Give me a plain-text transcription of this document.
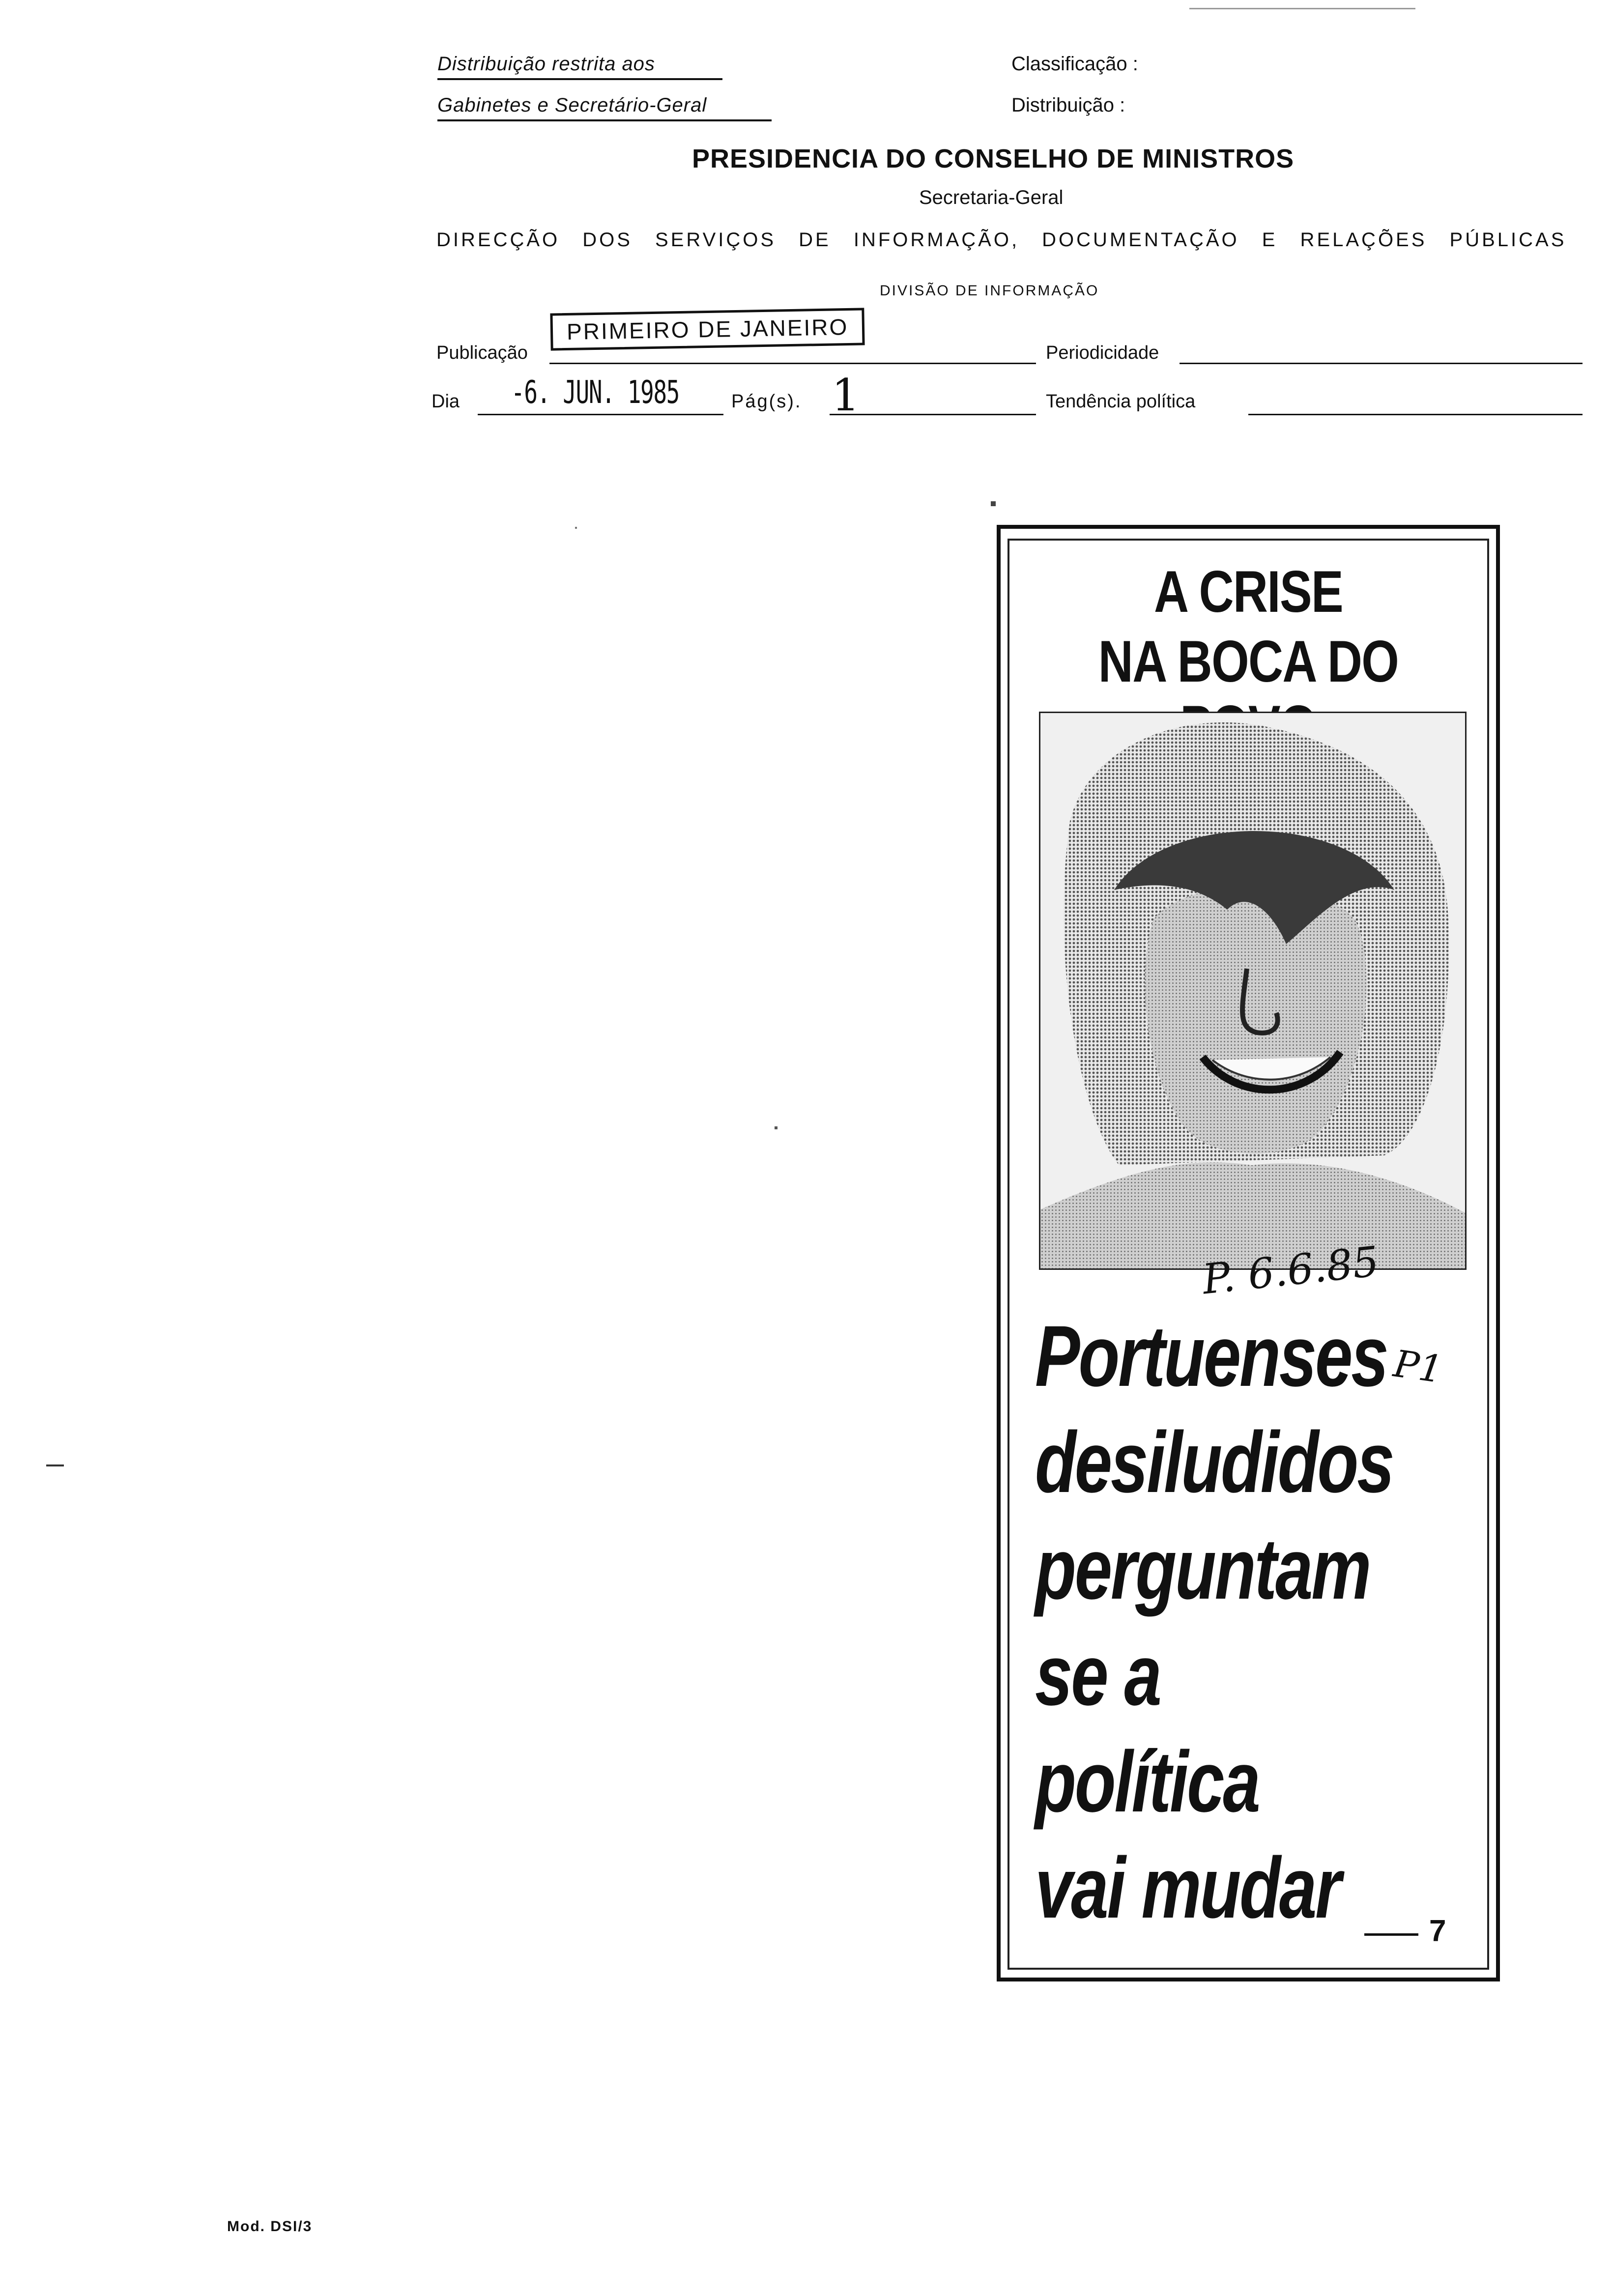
Distribuição restrita aos
Gabinetes e Secretário-Geral
Classificação :
Distribuição :
PRESIDENCIA DO CONSELHO DE MINISTROS
Secretaria-Geral
DIRECÇÃO DOS SERVIÇOS DE INFORMAÇÃO, DOCUMENTAÇÃO E RELAÇÕES PÚBLICAS
DIVISÃO DE INFORMAÇÃO
Publicação
PRIMEIRO DE JANEIRO
Periodicidade
Dia -6. JUN. 1985	Pág(s). 1	Tendência política
A CRISE
NA BOCA DO
P. 6.6.85
P1
Portuenses
desiludidos
perguntam
se a política
vai mudar	7
Mod. DSI/3
